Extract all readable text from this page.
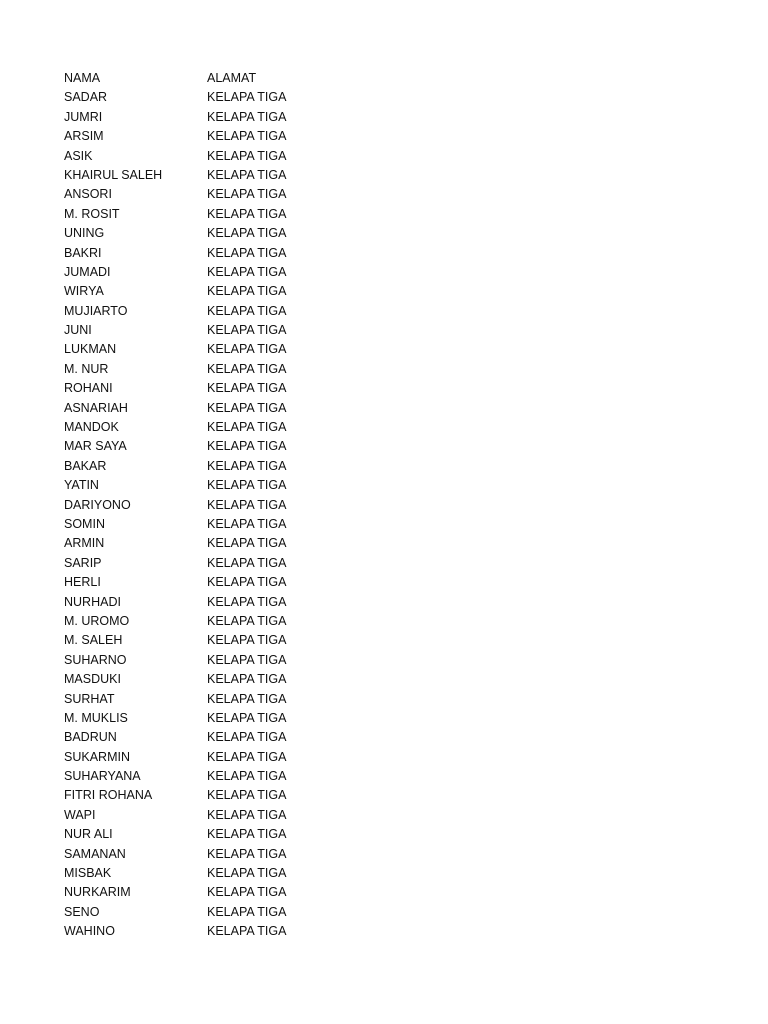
NAMA	ALAMAT
SADAR	KELAPA TIGA
JUMRI	KELAPA TIGA
ARSIM	KELAPA TIGA
ASIK	KELAPA TIGA
KHAIRUL SALEH	KELAPA TIGA
ANSORI	KELAPA TIGA
M. ROSIT	KELAPA TIGA
UNING	KELAPA TIGA
BAKRI	KELAPA TIGA
JUMADI	KELAPA TIGA
WIRYA	KELAPA TIGA
MUJIARTO	KELAPA TIGA
JUNI	KELAPA TIGA
LUKMAN	KELAPA TIGA
M. NUR	KELAPA TIGA
ROHANI	KELAPA TIGA
ASNARIAH	KELAPA TIGA
MANDOK	KELAPA TIGA
MAR SAYA	KELAPA TIGA
BAKAR	KELAPA TIGA
YATIN	KELAPA TIGA
DARIYONO	KELAPA TIGA
SOMIN	KELAPA TIGA
ARMIN	KELAPA TIGA
SARIP	KELAPA TIGA
HERLI	KELAPA TIGA
NURHADI	KELAPA TIGA
M. UROMO	KELAPA TIGA
M. SALEH	KELAPA TIGA
SUHARNO	KELAPA TIGA
MASDUKI	KELAPA TIGA
SURHAT	KELAPA TIGA
M. MUKLIS	KELAPA TIGA
BADRUN	KELAPA TIGA
SUKARMIN	KELAPA TIGA
SUHARYANA	KELAPA TIGA
FITRI ROHANA	KELAPA TIGA
WAPI	KELAPA TIGA
NUR ALI	KELAPA TIGA
SAMANAN	KELAPA TIGA
MISBAK	KELAPA TIGA
NURKARIM	KELAPA TIGA
SENO	KELAPA TIGA
WAHINO	KELAPA TIGA
